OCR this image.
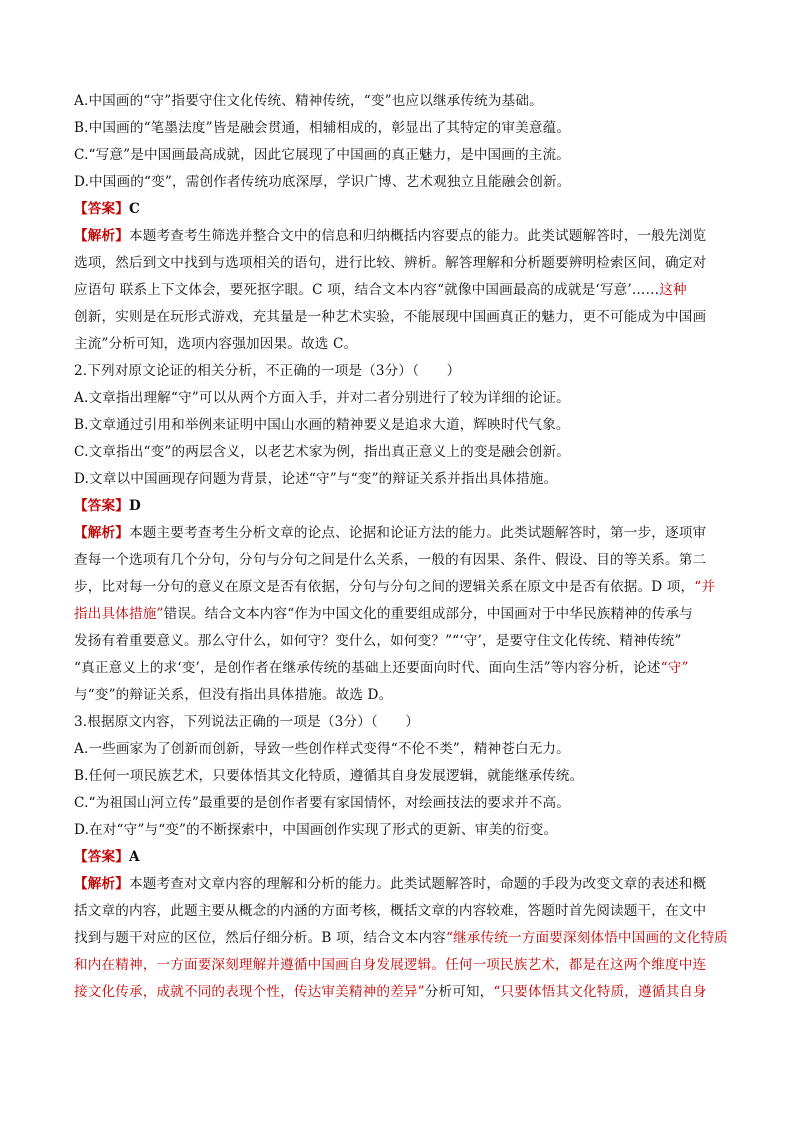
A.中国画的“守”指要守住文化传统、精神传统，“变”也应以继承传统为基础。
B.中国画的“笔墨法度”皆是融会贯通，相辅相成的，彰显出了其特定的审美意蕴。
C.“写意”是中国画最高成就，因此它展现了中国画的真正魅力，是中国画的主流。
D.中国画的“变”，需创作者传统功底深厚，学识广博、艺术观独立且能融会创新。
【答案】C
【解析】本题考查考生筛选并整合文中的信息和归纳概括内容要点的能力。此类试题解答时，一般先浏览
选项，然后到文中找到与选项相关的语句，进行比较、辨析。解答理解和分析题要辨明检索区间，确定对
应语句 联系上下文体会，要死抠字眼。C 项，结合文本内容“就像中国画最高的成就是‘写意’……这种
创新，实则是在玩形式游戏，充其量是一种艺术实验，不能展现中国画真正的魅力，更不可能成为中国画
主流”分析可知，选项内容强加因果。故选 C。
2.下列对原文论证的相关分析，不正确的一项是（3分）（　　）
A.文章指出理解“守”可以从两个方面入手，并对二者分别进行了较为详细的论证。
B.文章通过引用和举例来证明中国山水画的精神要义是追求大道，辉映时代气象。
C.文章指出“变”的两层含义，以老艺术家为例，指出真正意义上的变是融会创新。
D.文章以中国画现存问题为背景，论述“守”与“变”的辩证关系并指出具体措施。
【答案】D
【解析】本题主要考查考生分析文章的论点、论据和论证方法的能力。此类试题解答时，第一步，逐项审
查每一个选项有几个分句，分句与分句之间是什么关系，一般的有因果、条件、假设、目的等关系。第二
步，比对每一分句的意义在原文是否有依据，分句与分句之间的逻辑关系在原文中是否有依据。D 项，“并
指出具体措施”错误。结合文本内容“作为中国文化的重要组成部分，中国画对于中华民族精神的传承与
发扬有着重要意义。那么守什么，如何守？变什么，如何变？”“‘守’，是要守住文化传统、精神传统”
“真正意义上的求‘变’，是创作者在继承传统的基础上还要面向时代、面向生活”等内容分析，论述“守”
与“变”的辩证关系，但没有指出具体措施。故选 D。
3.根据原文内容，下列说法正确的一项是（3分）（　　）
A.一些画家为了创新而创新，导致一些创作样式变得“不伦不类”，精神苍白无力。
B.任何一项民族艺术，只要体悟其文化特质，遵循其自身发展逻辑，就能继承传统。
C.“为祖国山河立传”最重要的是创作者要有家国情怀，对绘画技法的要求并不高。
D.在对“守”与“变”的不断探索中，中国画创作实现了形式的更新、审美的衍变。
【答案】A
【解析】本题考查对文章内容的理解和分析的能力。此类试题解答时，命题的手段为改变文章的表述和概
括文章的内容，此题主要从概念的内涵的方面考核，概括文章的内容较难，答题时首先阅读题干，在文中
找到与题干对应的区位，然后仔细分析。B 项，结合文本内容“继承传统一方面要深刻体悟中国画的文化特质
和内在精神，一方面要深刻理解并遵循中国画自身发展逻辑。任何一项民族艺术，都是在这两个维度中连
接文化传承，成就不同的表现个性，传达审美精神的差异”分析可知，“只要体悟其文化特质，遵循其自身
